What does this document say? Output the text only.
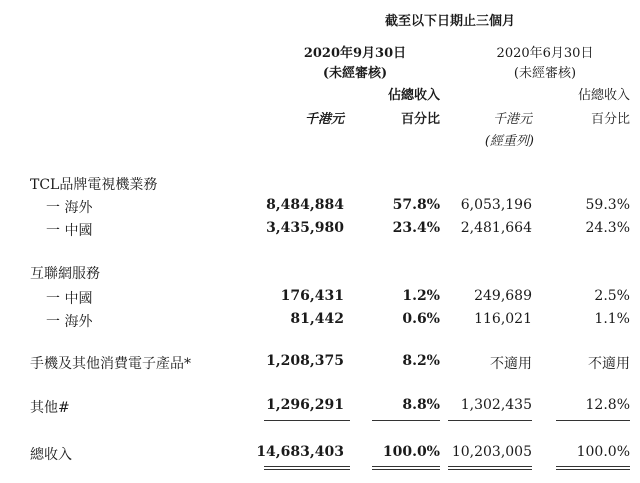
截至以下日期止三個月
2020年9月30日
(未經審核)
2020年6月30日
(未經審核)
佔總收入	佔總收入
千港元	百分比	千港元	百分比
(經重列)
TCL品牌電視機業務
一 海外	8,484,884	57.8% 6,053,196	59.3%
一 中國	3,435,980	23.4% 2,481,664	24.3%
互聯網服務
一 中國	176,431	1.2% 249,689	2.5%
一 海外	81,442	0.6% 116,021	1.1%
手機及其他消費電子產品*	1,208,375	8.2%	不適用	不適用
其他#	1,296,291	8.8% 1,302,435	12.8%
總收入	14,683,403	100.0% 10,203,005	100.0%
